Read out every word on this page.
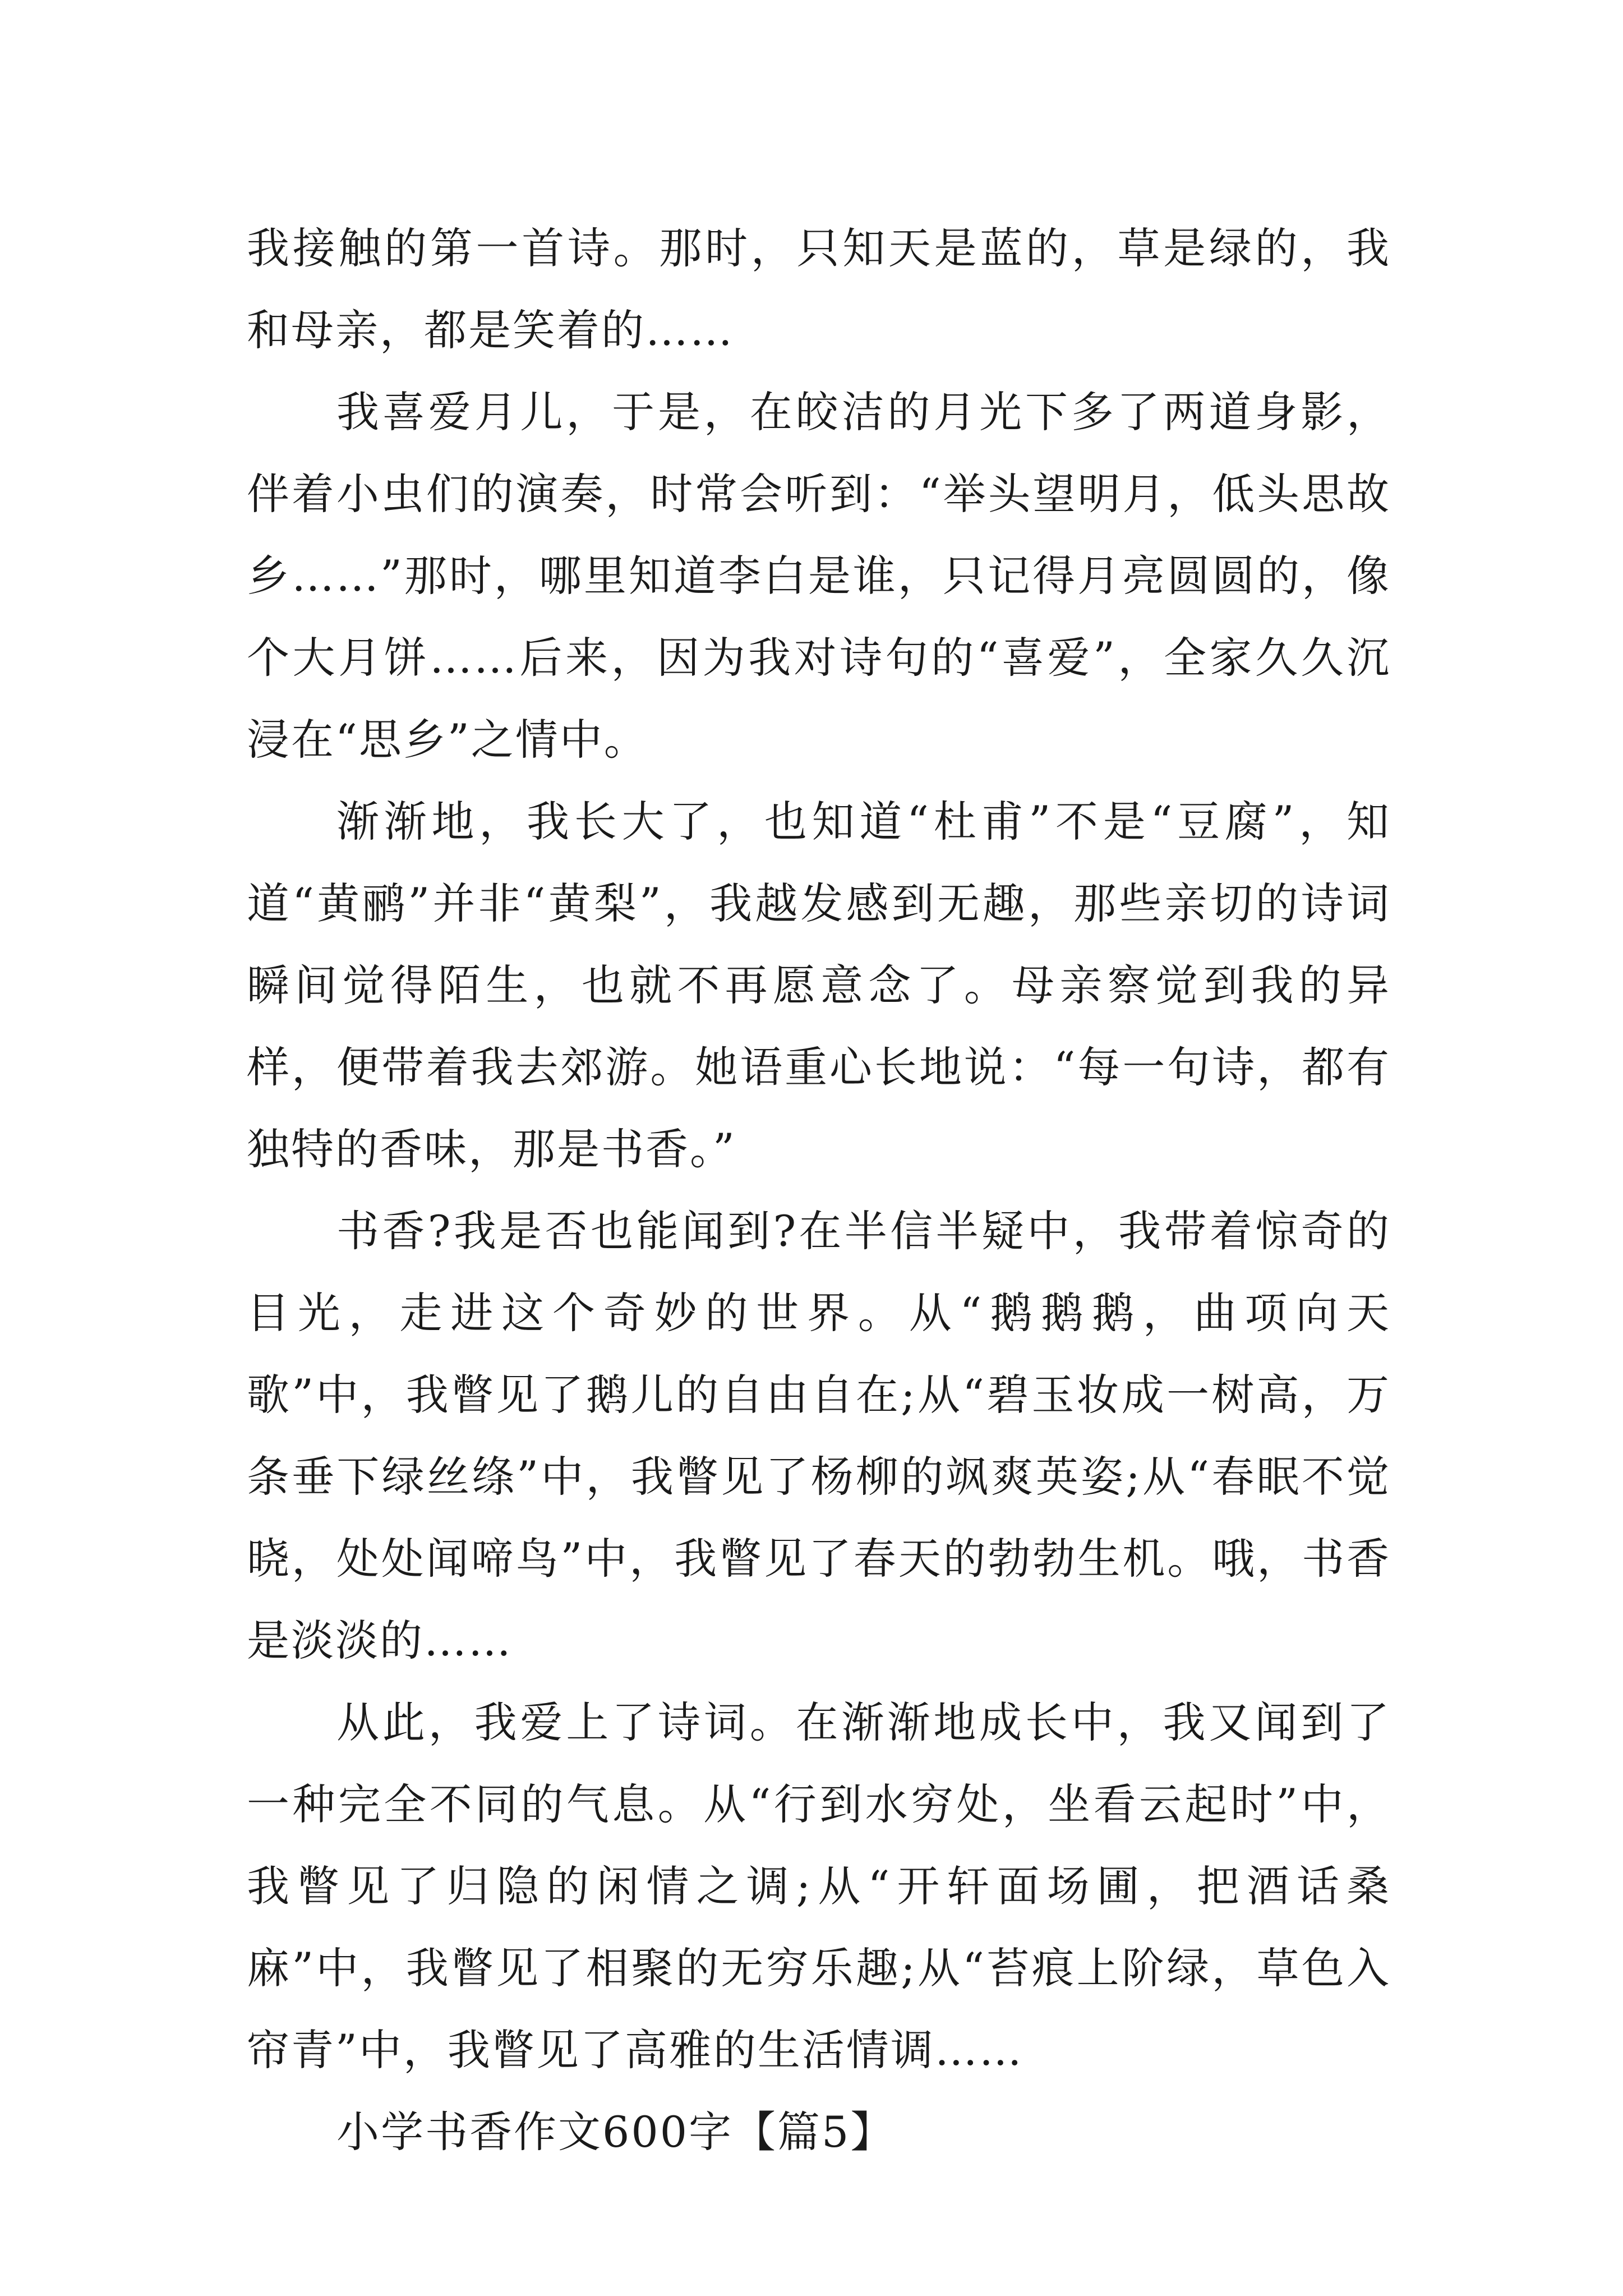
我接触的第一首诗。那时，只知天是蓝的，草是绿的，我和母亲，都是笑着的……

我喜爱月儿，于是，在皎洁的月光下多了两道身影，伴着小虫们的演奏，时常会听到：“举头望明月，低头思故乡……”那时，哪里知道李白是谁，只记得月亮圆圆的，像个大月饼……后来，因为我对诗句的“喜爱”，全家久久沉浸在“思乡”之情中。

渐渐地，我长大了，也知道“杜甫”不是“豆腐”，知道“黄鹂”并非“黄梨”，我越发感到无趣，那些亲切的诗词瞬间觉得陌生，也就不再愿意念了。母亲察觉到我的异样，便带着我去郊游。她语重心长地说：“每一句诗，都有独特的香味，那是书香。”

书香?我是否也能闻到?在半信半疑中，我带着惊奇的目光，走进这个奇妙的世界。从“鹅鹅鹅，曲项向天歌”中，我瞥见了鹅儿的自由自在;从“碧玉妆成一树高，万条垂下绿丝绦”中，我瞥见了杨柳的飒爽英姿;从“春眠不觉晓，处处闻啼鸟”中，我瞥见了春天的勃勃生机。哦，书香是淡淡的……

从此，我爱上了诗词。在渐渐地成长中，我又闻到了一种完全不同的气息。从“行到水穷处，坐看云起时”中，我瞥见了归隐的闲情之调;从“开轩面场圃，把酒话桑麻”中，我瞥见了相聚的无穷乐趣;从“苔痕上阶绿，草色入帘青”中，我瞥见了高雅的生活情调……

小学书香作文600字【篇5】
